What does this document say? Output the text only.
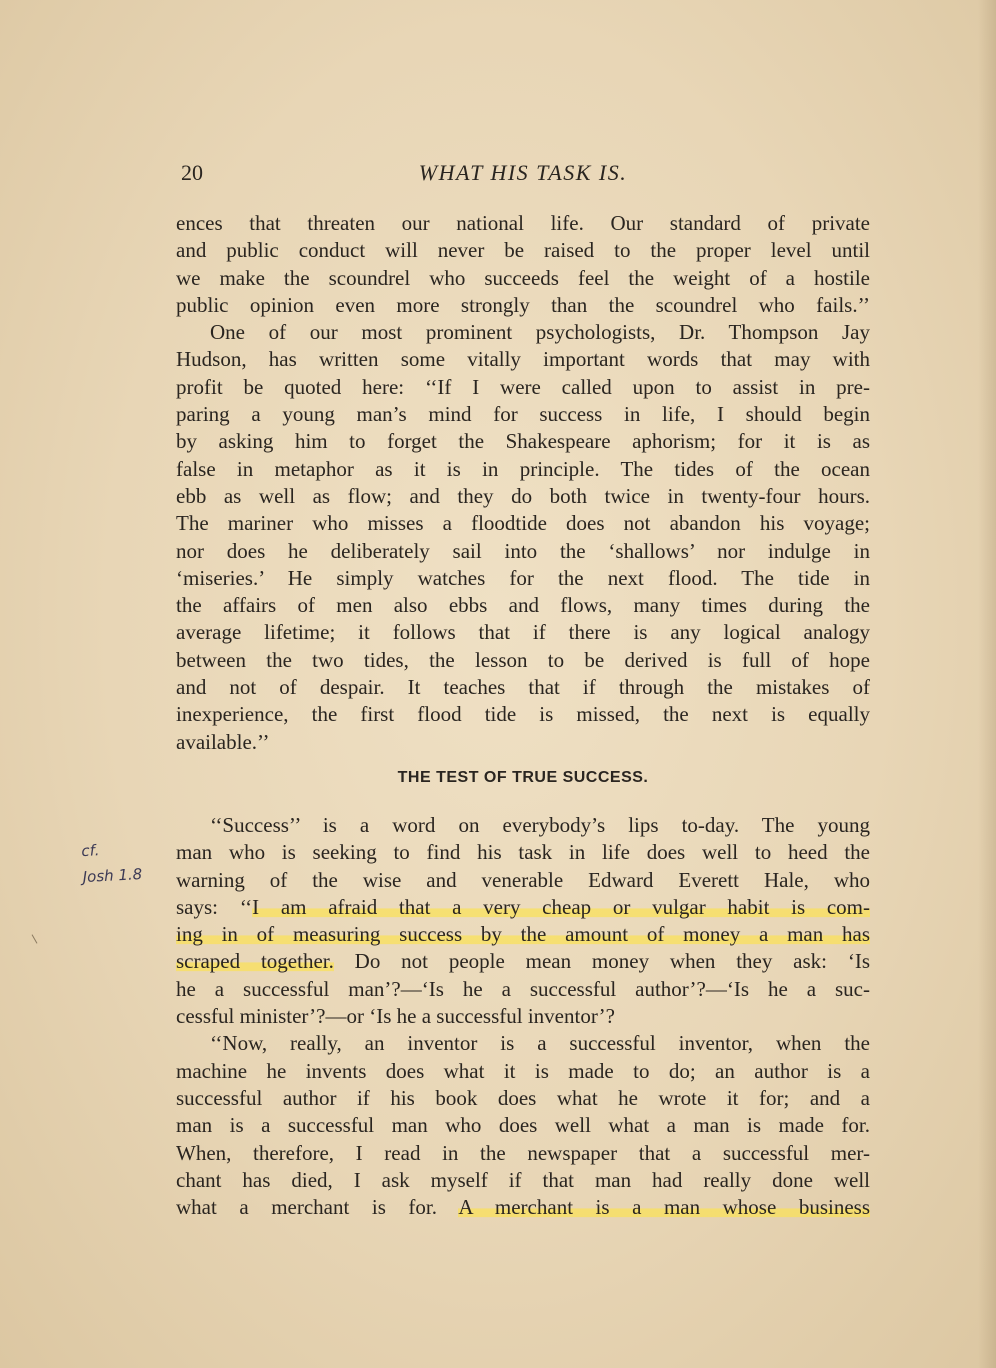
20	WHAT HIS TASK IS.

ences that threaten our national life. Our standard of private

and public conduct will never be raised to the proper level until

we make the scoundrel who succeeds feel the weight of a hostile

public opinion even more strongly than the scoundrel who fails.’’

One of our most prominent psychologists, Dr. Thompson Jay

Hudson, has written some vitally important words that may with

profit be quoted here: ‘‘If I were called upon to assist in pre-

paring a young man’s mind for success in life, I should begin

by asking him to forget the Shakespeare aphorism; for it is as

false in metaphor as it is in principle. The tides of the ocean

ebb as well as flow; and they do both twice in twenty-four hours.

The mariner who misses a floodtide does not abandon his voyage;

nor does he deliberately sail into the ‘shallows’ nor indulge in

‘miseries.’ He simply watches for the next flood. The tide in

the affairs of men also ebbs and flows, many times during the

average lifetime; it follows that if there is any logical analogy

between the two tides, the lesson to be derived is full of hope

and not of despair. It teaches that if through the mistakes of

inexperience, the first flood tide is missed, the next is equally

available.’’

THE TEST OF TRUE SUCCESS.

‘‘Success’’ is a word on everybody’s lips to-day. The young

man who is seeking to find his task in life does well to heed the

warning of the wise and venerable Edward Everett Hale, who

says: ‘‘I am afraid that a very cheap or vulgar habit is com-

ing in of measuring success by the amount of money a man has

scraped together. Do not people mean money when they ask: ‘Is

he a successful man’?—‘Is he a successful author’?—‘Is he a suc-

cessful minister’?—or ‘Is he a successful inventor’?

‘‘Now, really, an inventor is a successful inventor, when the

machine he invents does what it is made to do; an author is a

successful author if his book does what he wrote it for; and a

man is a successful man who does well what a man is made for.

When, therefore, I read in the newspaper that a successful mer-

chant has died, I ask myself if that man had really done well

what a merchant is for. A merchant is a man whose business

cf.
Josh 1.8
